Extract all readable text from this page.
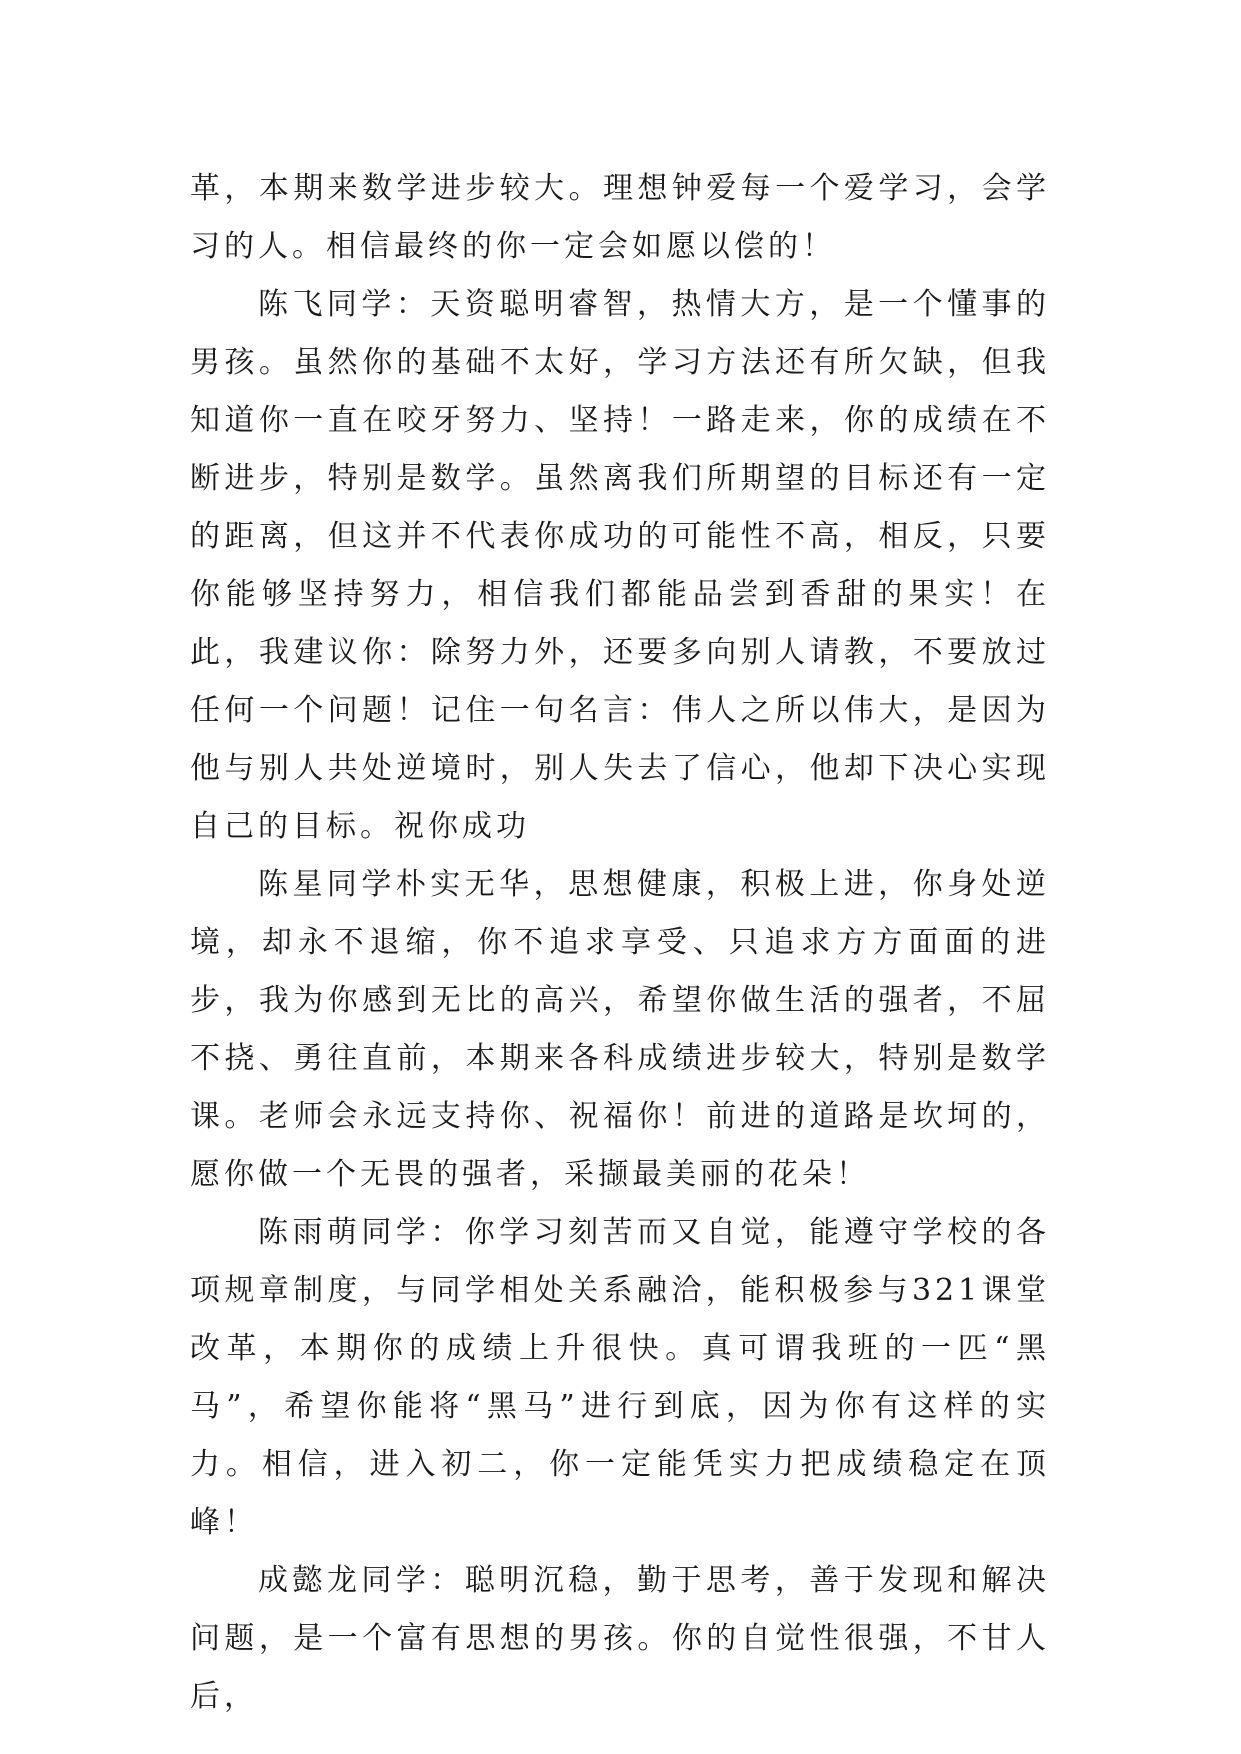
革，本期来数学进步较大。理想钟爱每一个爱学习，会学习的人。相信最终的你一定会如愿以偿的！

陈飞同学：天资聪明睿智，热情大方，是一个懂事的男孩。虽然你的基础不太好，学习方法还有所欠缺，但我知道你一直在咬牙努力、坚持！一路走来，你的成绩在不断进步，特别是数学。虽然离我们所期望的目标还有一定的距离，但这并不代表你成功的可能性不高，相反，只要你能够坚持努力，相信我们都能品尝到香甜的果实！在此，我建议你：除努力外，还要多向别人请教，不要放过任何一个问题！记住一句名言：伟人之所以伟大，是因为他与别人共处逆境时，别人失去了信心，他却下决心实现自己的目标。祝你成功

陈星同学朴实无华，思想健康，积极上进，你身处逆境，却永不退缩，你不追求享受、只追求方方面面的进步，我为你感到无比的高兴，希望你做生活的强者，不屈不挠、勇往直前，本期来各科成绩进步较大，特别是数学课。老师会永远支持你、祝福你！前进的道路是坎坷的，愿你做一个无畏的强者，采撷最美丽的花朵！

陈雨萌同学：你学习刻苦而又自觉，能遵守学校的各项规章制度，与同学相处关系融洽，能积极参与321课堂改革，本期你的成绩上升很快。真可谓我班的一匹“黑马”，希望你能将“黑马”进行到底，因为你有这样的实力。相信，进入初二，你一定能凭实力把成绩稳定在顶峰！

成懿龙同学：聪明沉稳，勤于思考，善于发现和解决问题，是一个富有思想的男孩。你的自觉性很强，不甘人后，
